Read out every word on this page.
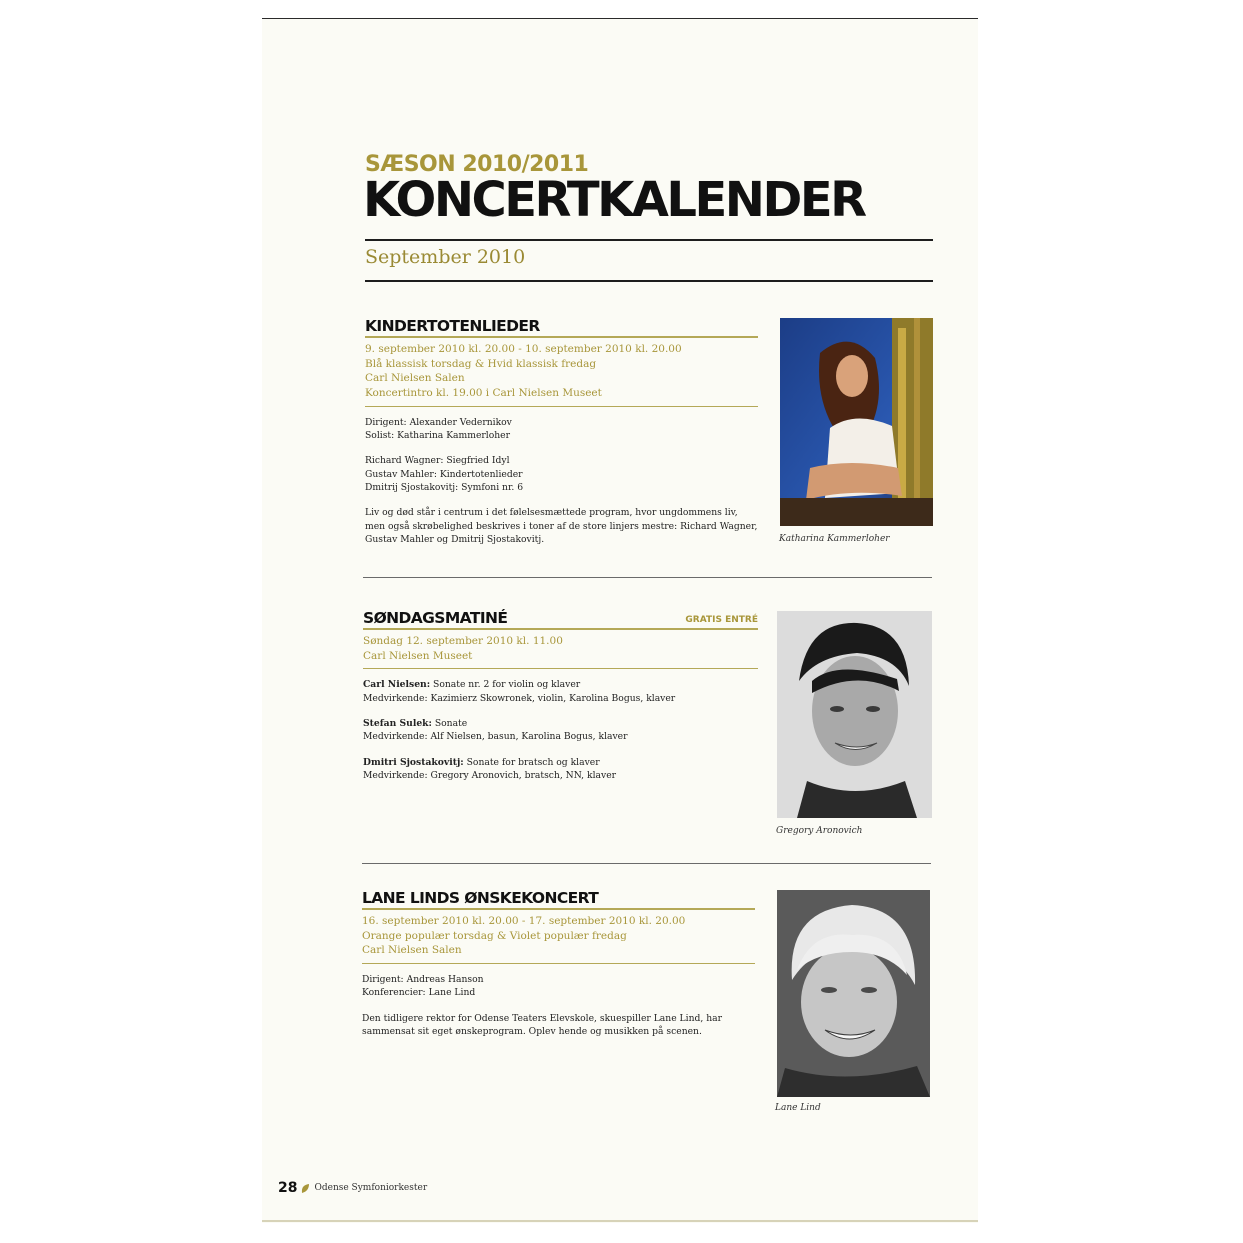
SÆSON 2010/2011
KONCERTKALENDER
September 2010
KINDERTOTENLIEDER
9. september 2010 kl. 20.00 - 10. september 2010 kl. 20.00
Blå klassisk torsdag & Hvid klassisk fredag
Carl Nielsen Salen
Koncertintro kl. 19.00 i Carl Nielsen Museet

Dirigent: Alexander Vedernikov
Solist: Katharina Kammerloher

Richard Wagner: Siegfried Idyl
Gustav Mahler: Kindertotenlieder
Dmitrij Sjostakovitj: Symfoni nr. 6

Liv og død står i centrum i det følelsesmættede program, hvor ungdommens liv,
men også skrøbelighed beskrives i toner af de store linjers mestre: Richard Wagner,
Gustav Mahler og Dmitrij Sjostakovitj.	Katharina Kammerloher
SØNDAGSMATINÉ	GRATIS ENTRÉ
Søndag 12. september 2010 kl. 11.00
Carl Nielsen Museet

Carl Nielsen: Sonate nr. 2 for violin og klaver
Medvirkende: Kazimierz Skowronek, violin, Karolina Bogus, klaver

Stefan Sulek: Sonate
Medvirkende: Alf Nielsen, basun, Karolina Bogus, klaver

Dmitri Sjostakovitj: Sonate for bratsch og klaver
Medvirkende: Gregory Aronovich, bratsch, NN, klaver

Gregory Aronovich
LANE LINDS ØNSKEKONCERT
16. september 2010 kl. 20.00 - 17. september 2010 kl. 20.00
Orange populær torsdag & Violet populær fredag
Carl Nielsen Salen

Dirigent: Andreas Hanson
Konferencier: Lane Lind

Den tidligere rektor for Odense Teaters Elevskole, skuespiller Lane Lind, har
sammensat sit eget ønskeprogram. Oplev hende og musikken på scenen.

Lane Lind
28 Odense Symfoniorkester
